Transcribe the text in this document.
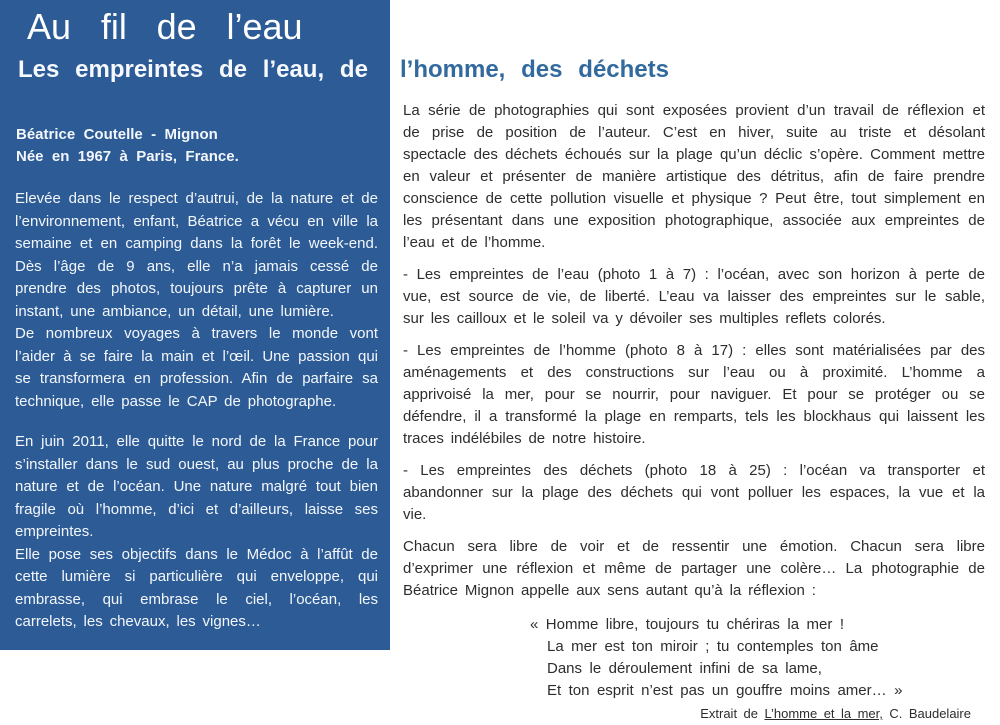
Au fil de l’eau
Les empreintes de l’eau, de
Béatrice Coutelle - Mignon
Née en 1967 à Paris, France.

Elevée dans le respect d’autrui, de la nature et de l’environnement, enfant, Béatrice a vécu en ville la semaine et en camping dans la forêt le week-end. Dès l’âge de 9 ans, elle n’a jamais cessé de prendre des photos, toujours prête à capturer un instant, une ambiance, un détail, une lumière.

De nombreux voyages à travers le monde vont l’aider à se faire la main et l’œil. Une passion qui se transformera en profession. Afin de parfaire sa technique, elle passe le CAP de photographe.

En juin 2011, elle quitte le nord de la France pour s’installer dans le sud ouest, au plus proche de la nature et de l’océan. Une nature malgré tout bien fragile où l’homme, d’ici et d’ailleurs, laisse ses empreintes.

Elle pose ses objectifs dans le Médoc à l’affût de cette lumière si particulière qui enveloppe, qui embrasse, qui embrase le ciel, l’océan, les carrelets, les chevaux, les vignes…

l’homme, des déchets

La série de photographies qui sont exposées provient d’un travail de réflexion et de prise de position de l’auteur. C’est en hiver, suite au triste et désolant spectacle des déchets échoués sur la plage qu’un déclic s’opère. Comment mettre en valeur et présenter de manière artistique des détritus, afin de faire prendre conscience de cette pollution visuelle et physique ? Peut être, tout simplement en les présentant dans une exposition photographique, associée aux empreintes de l’eau et de l’homme.

- Les empreintes de l’eau (photo 1 à 7) : l’océan, avec son horizon à perte de vue, est source de vie, de liberté. L’eau va laisser des empreintes sur le sable, sur les cailloux et le soleil va y dévoiler ses multiples reflets colorés.

- Les empreintes de l’homme (photo 8 à 17) : elles sont matérialisées par des aménagements et des constructions sur l’eau ou à proximité. L’homme a apprivoisé la mer, pour se nourrir, pour naviguer. Et pour se protéger ou se défendre, il a transformé la plage en remparts, tels les blockhaus qui laissent les traces indélébiles de notre histoire.

- Les empreintes des déchets (photo 18 à 25) : l’océan va transporter et abandonner sur la plage des déchets qui vont polluer les espaces, la vue et la vie.

Chacun sera libre de voir et de ressentir une émotion. Chacun sera libre d’exprimer une réflexion et même de partager une colère… La photographie de Béatrice Mignon appelle aux sens autant qu’à la réflexion :

« Homme libre, toujours tu chériras la mer !
La mer est ton miroir ; tu contemples ton âme
Dans le déroulement infini de sa lame,
Et ton esprit n’est pas un gouffre moins amer… »
Extrait de L’homme et la mer, C. Baudelaire
